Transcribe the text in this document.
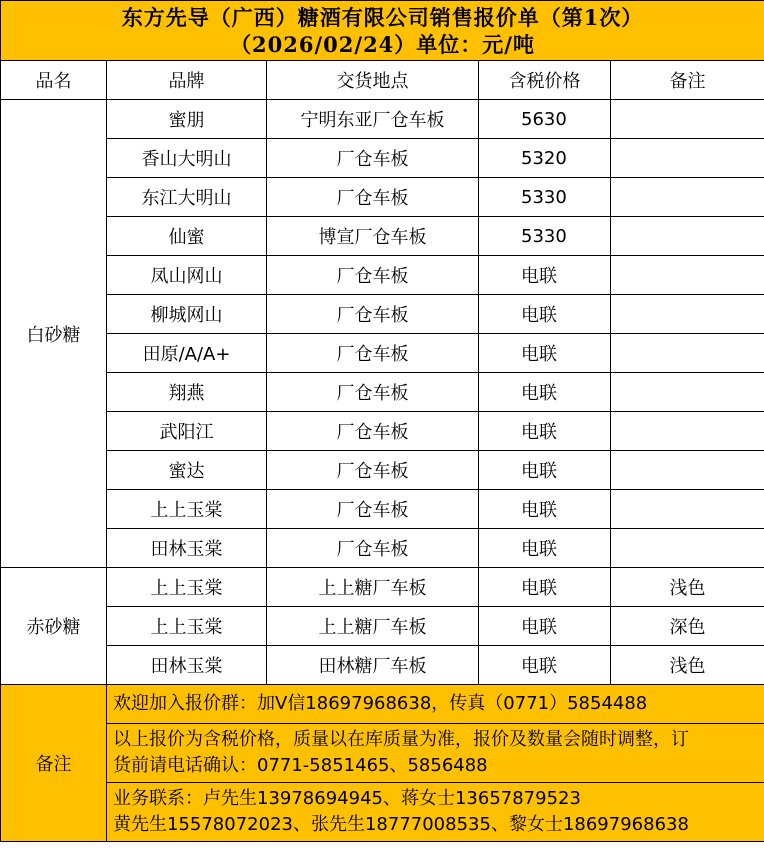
东方先导（广西）糖酒有限公司销售报价单（第1次）
（2026/02/24）单位：元/吨				

品名	品牌	交货地点	含税价格	备注
白砂糖	蜜朋	宁明东亚厂仓车板	5630	
	香山大明山	厂仓车板	5320	
	东江大明山	厂仓车板	5330	
	仙蜜	博宣厂仓车板	5330	
	凤山网山	厂仓车板	电联	
	柳城网山	厂仓车板	电联	
	田原/A/A+	厂仓车板	电联	
	翔燕	厂仓车板	电联	
	武阳江	厂仓车板	电联	
	蜜达	厂仓车板	电联	
	上上玉棠	厂仓车板	电联	
	田林玉棠	厂仓车板	电联	
赤砂糖	上上玉棠	上上糖厂车板	电联	浅色
	上上玉棠	上上糖厂车板	电联	深色
	田林玉棠	田林糖厂车板	电联	浅色
备注	欢迎加入报价群：加V信18697968638，传真（0771）5854488			

	以上报价为含税价格，质量以在库质量为准，报价及数量会随时调整，订
货前请电话确认：0771-5851465、5856488			

	业务联系：卢先生13978694945、蒋女士13657879523
黄先生15578072023、张先生18777008535、黎女士18697968638			
